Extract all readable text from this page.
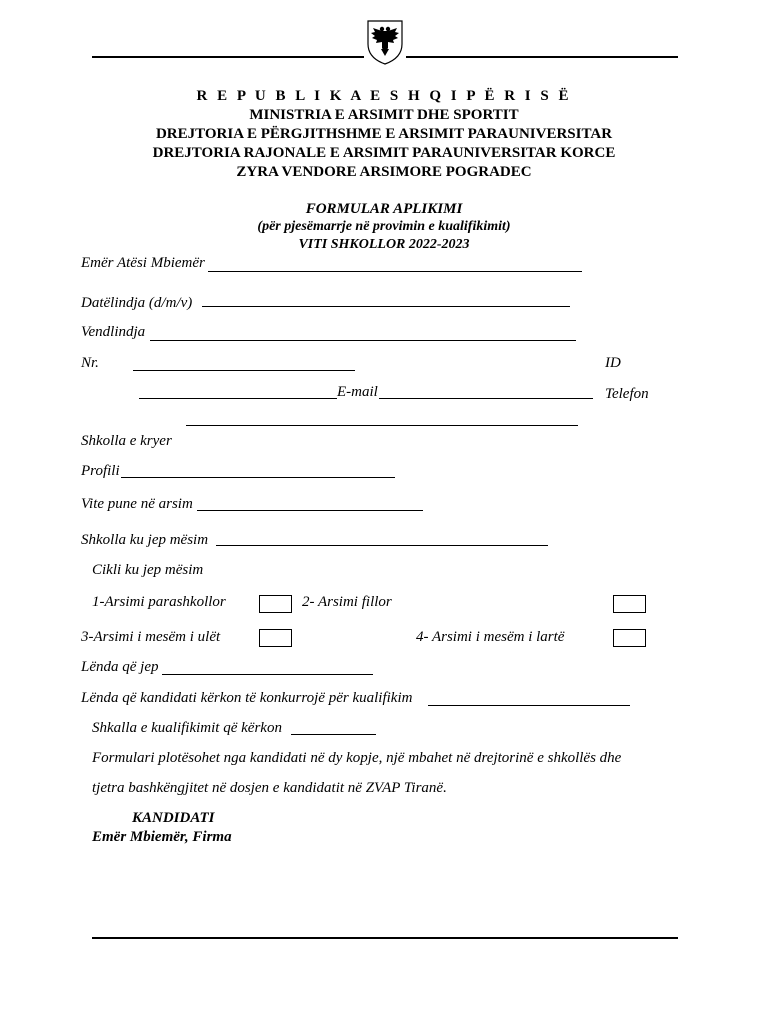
R E P U B L I K A E S H Q I P Ë R I S Ë
MINISTRIA E ARSIMIT DHE SPORTIT
DREJTORIA E PËRGJITHSHME E ARSIMIT PARAUNIVERSITAR
DREJTORIA RAJONALE E ARSIMIT PARAUNIVERSITAR KORCE
ZYRA VENDORE ARSIMORE POGRADEC
FORMULAR APLIKIMI
(për pjesëmarrje në provimin e kualifikimit)
VITI SHKOLLOR 2022-2023
Emër Atësi Mbiemër
Datëlindja (d/m/v)
Vendlindja
Nr.	ID
E-mail	Telefon
Shkolla e kryer
Profili
Vite pune në arsim
Shkolla ku jep mësim
Cikli ku jep mësim
1-Arsimi parashkollor	2- Arsimi fillor
3-Arsimi i mesëm i ulët	4- Arsimi i mesëm i lartë
Lënda që jep
Lënda që kandidati kërkon të konkurrojë për kualifikim
Shkalla e kualifikimit që kërkon
Formulari plotësohet nga kandidati në dy kopje, një mbahet në drejtorinë e shkollës dhe
tjetra bashkëngjitet në dosjen e kandidatit në ZVAP Tiranë.
KANDIDATI
Emër Mbiemër, Firma
